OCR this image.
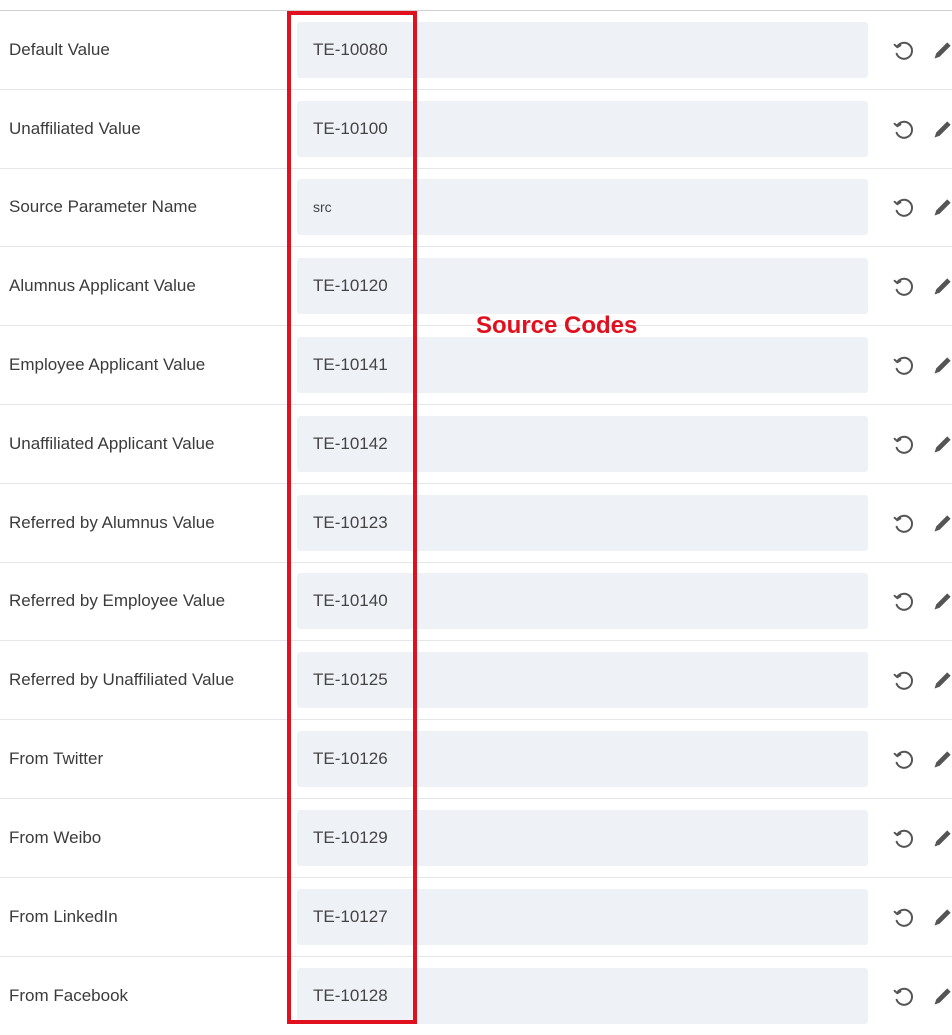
Default Value
TE-10080
Unaffiliated Value
TE-10100
Source Parameter Name
src
Alumnus Applicant Value
TE-10120
Employee Applicant Value
TE-10141
Unaffiliated Applicant Value
TE-10142
Referred by Alumnus Value
TE-10123
Referred by Employee Value
TE-10140
Referred by Unaffiliated Value
TE-10125
From Twitter
TE-10126
From Weibo
TE-10129
From LinkedIn
TE-10127
From Facebook
TE-10128
Source Codes
